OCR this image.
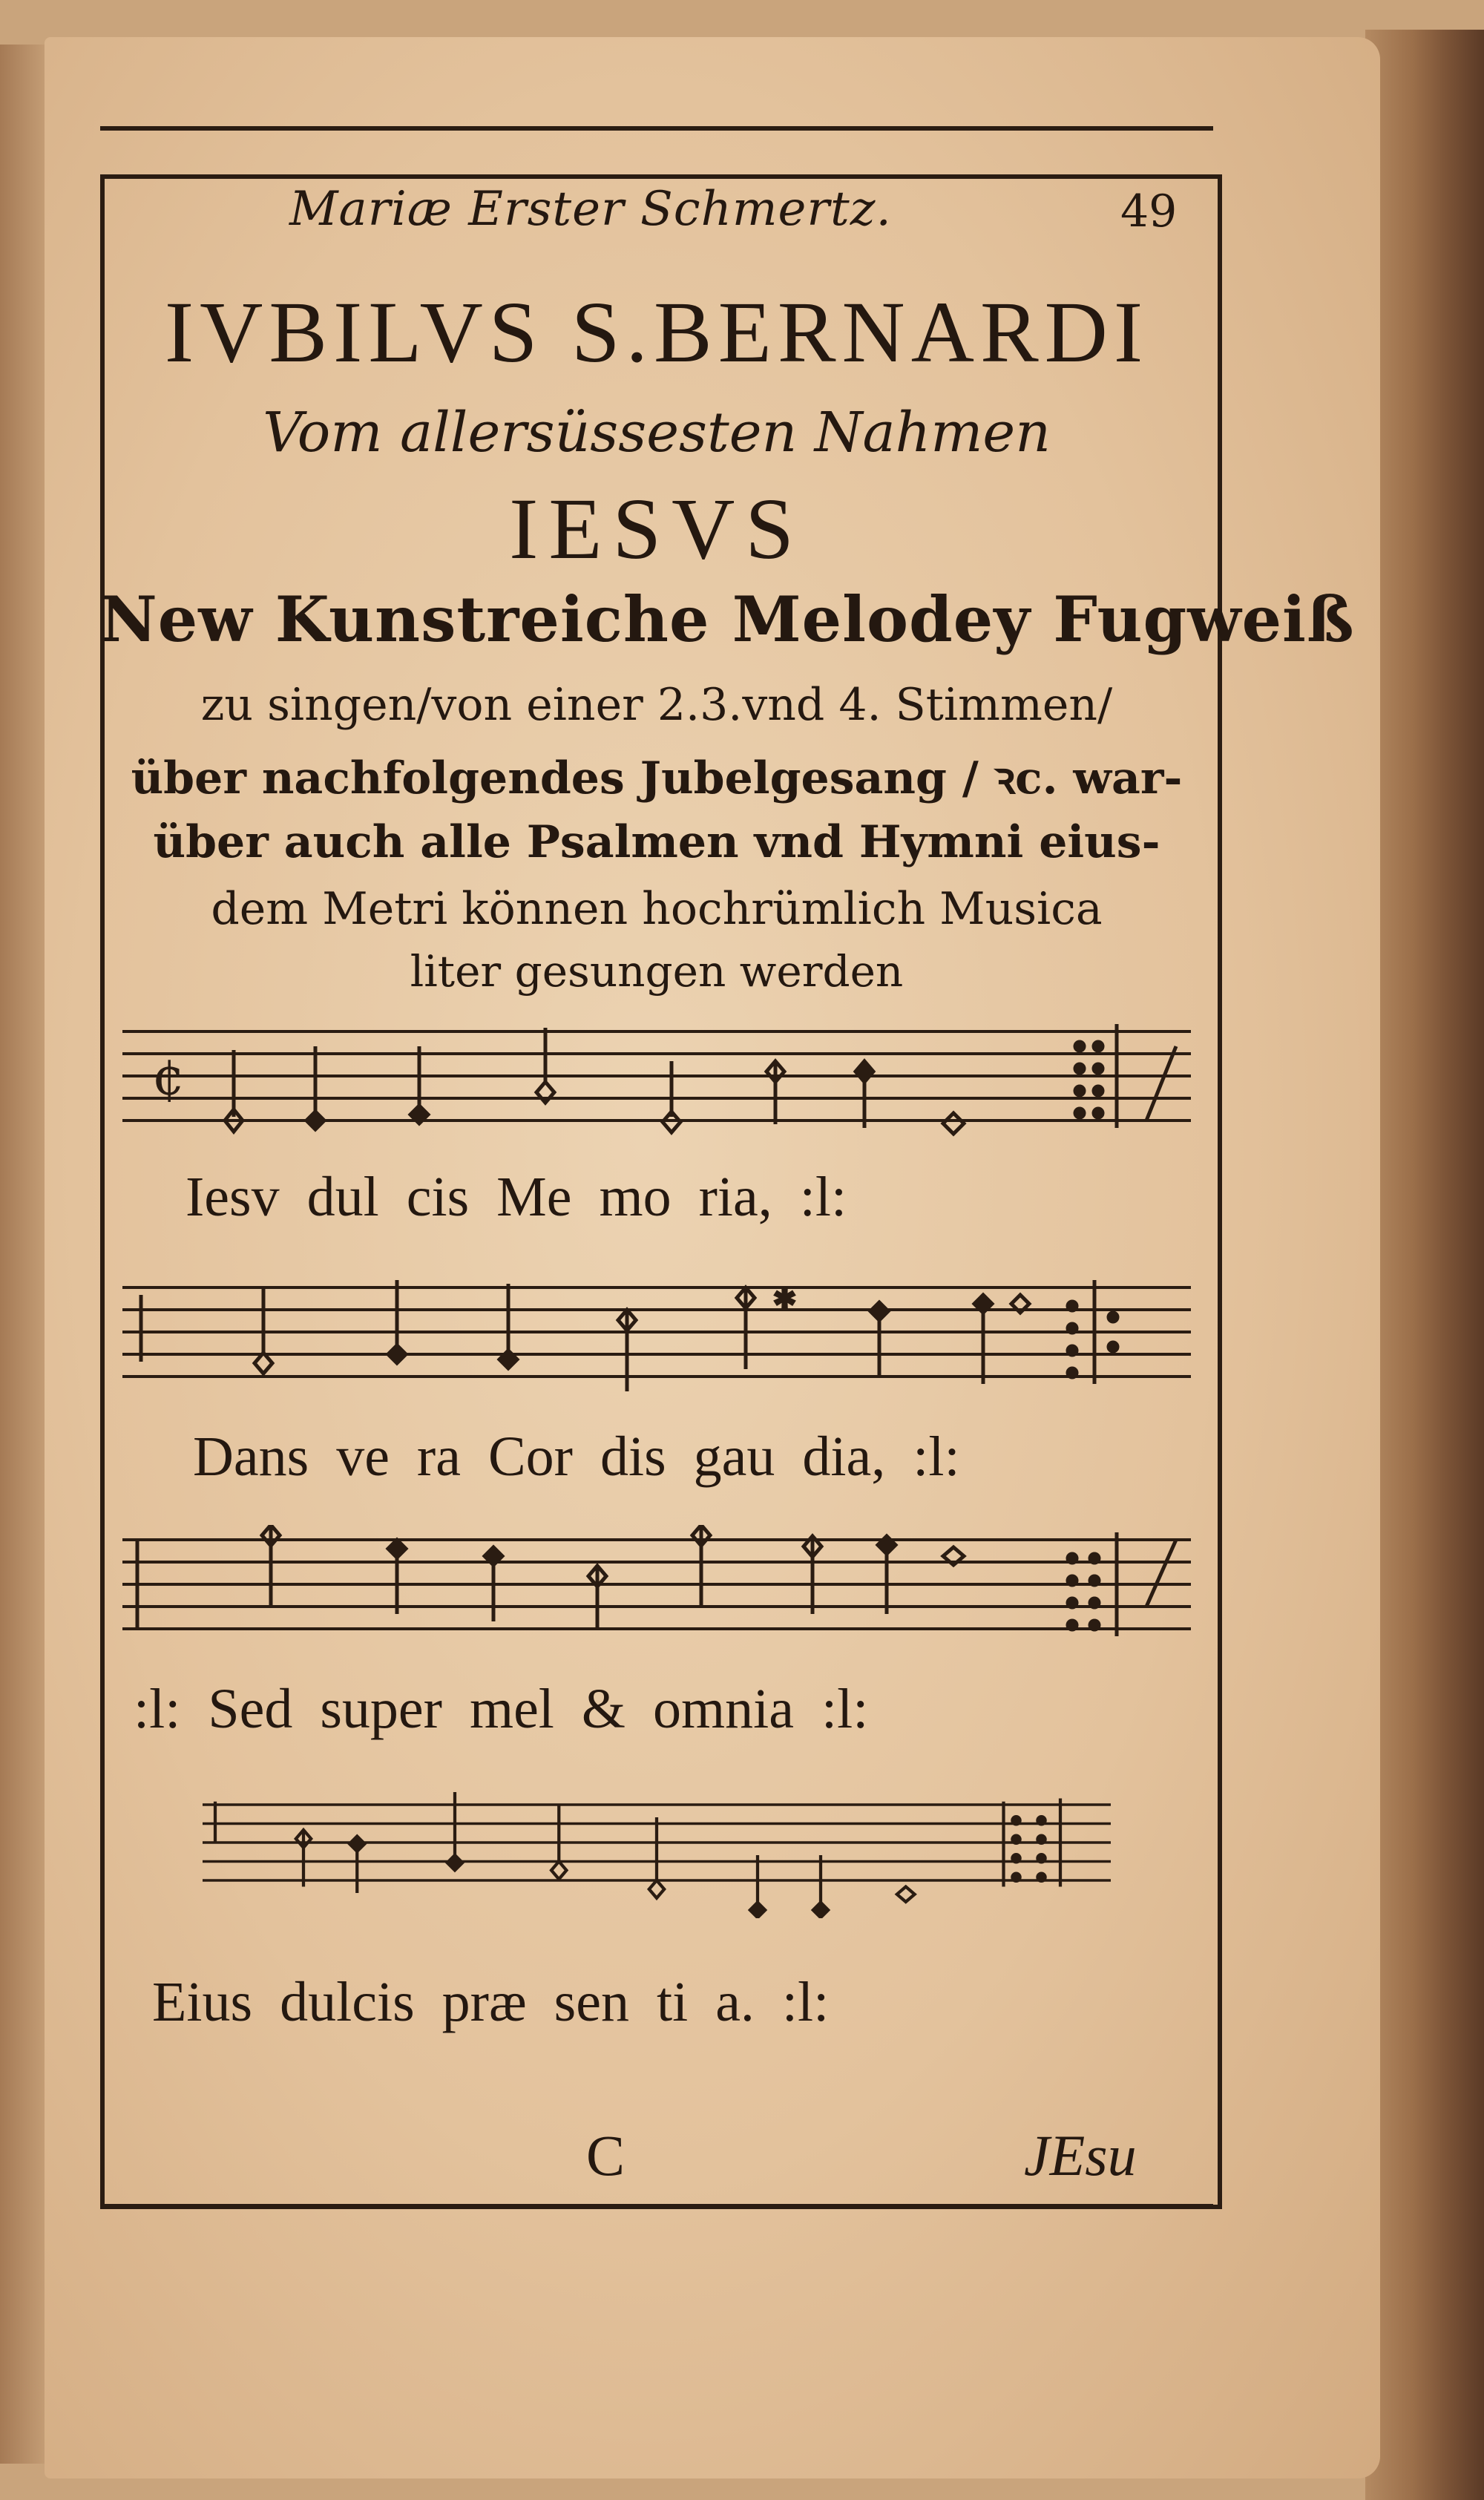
Mariæ Erster Schmertz.	49
IVBILVS S.BERNARDI
Vom allersüssesten Nahmen
IESVS
New Kunstreiche Melodey Fugweiß
zu singen/von einer 2.3.vnd 4. Stimmen/
über nachfolgendes Jubelgesang / ꝛc. war-
über auch alle Psalmen vnd Hymni eius-
dem Metri können hochrümlich Musica
liter gesungen werden
¢
Iesv dul cis Me mo ria, :l:
*
Dans ve ra Cor dis gau dia, :l:
:l: Sed super mel & omnia :l:
Eius dulcis præ sen ti a. :l:
C	JEsu
